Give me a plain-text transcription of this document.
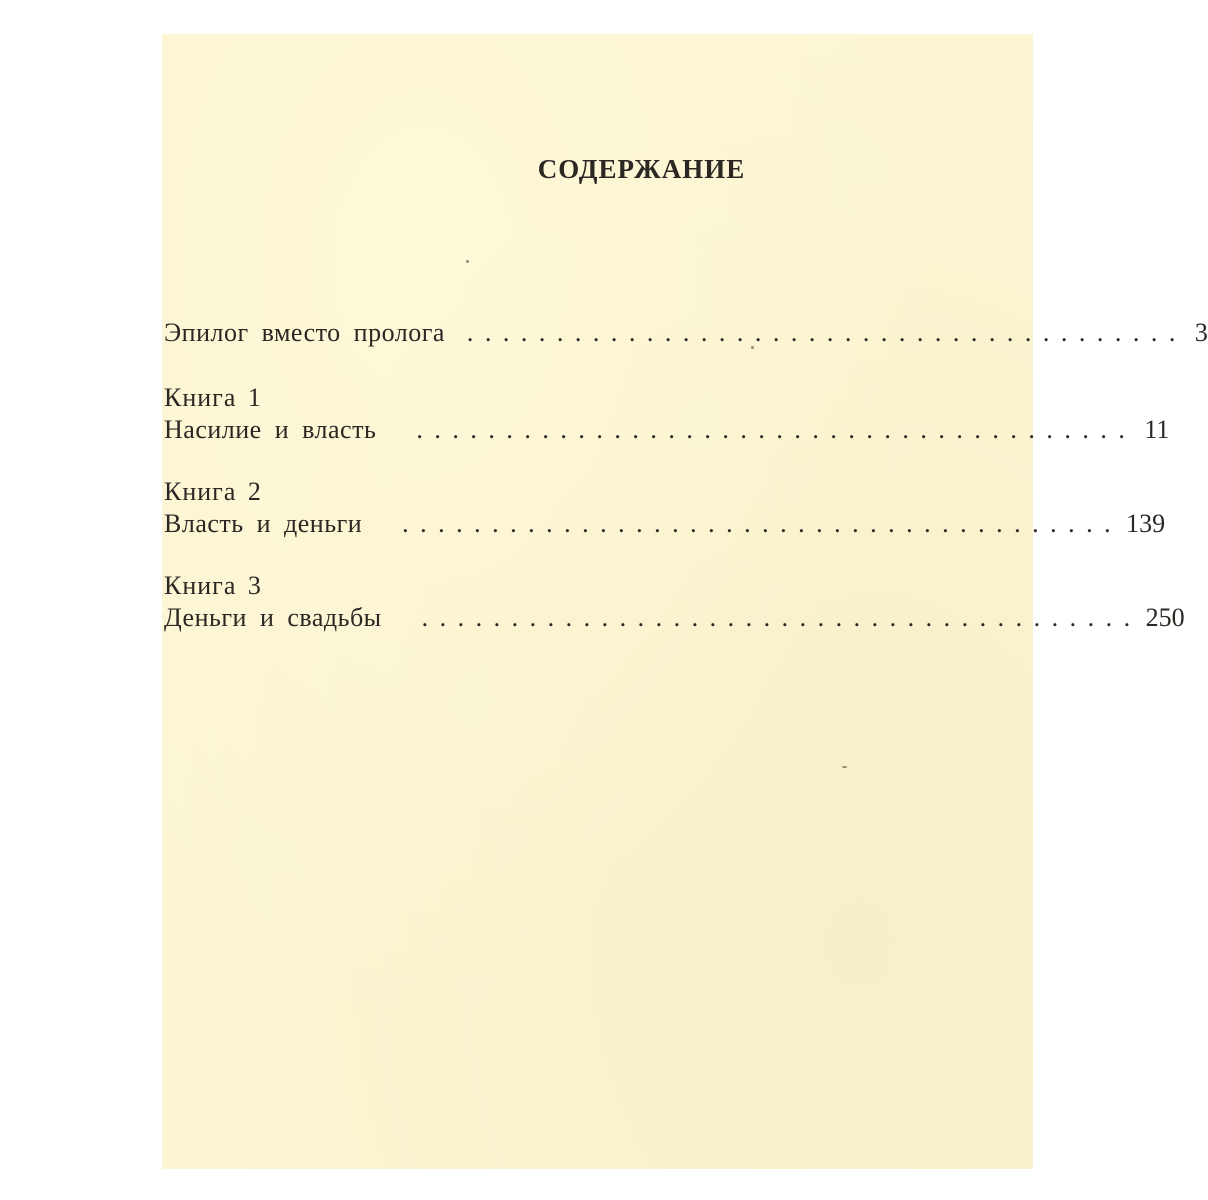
СОДЕРЖАНИЕ
Эпилог вместо пролога ........................................ 3
Книга 1
Насилие и власть ........................................ 11
Книга 2
Власть и деньги ........................................ 139
Книга 3
Деньги и свадьбы ........................................ 250
